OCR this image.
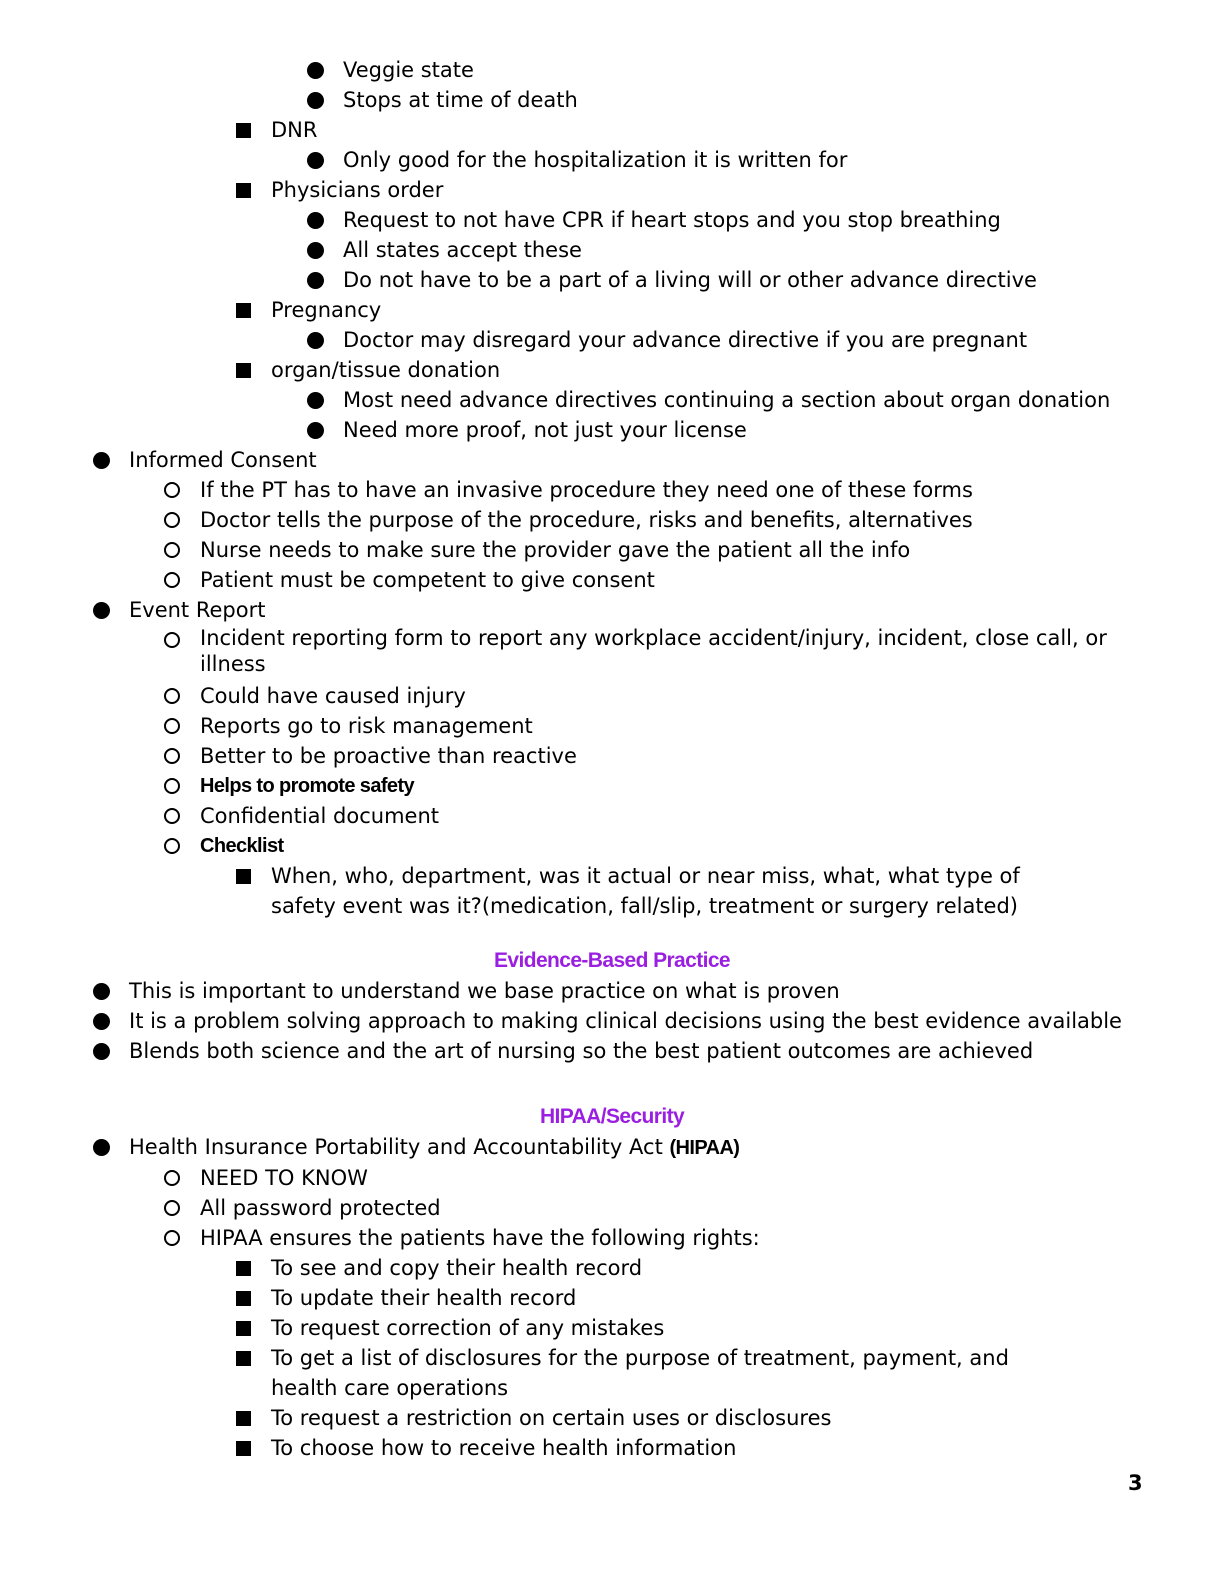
Veggie state
Stops at time of death
DNR
Only good for the hospitalization it is written for
Physicians order
Request to not have CPR if heart stops and you stop breathing
All states accept these
Do not have to be a part of a living will or other advance directive
Pregnancy
Doctor may disregard your advance directive if you are pregnant
organ/tissue donation
Most need advance directives continuing a section about organ donation
Need more proof, not just your license
Informed Consent
If the PT has to have an invasive procedure they need one of these forms
Doctor tells the purpose of the procedure, risks and benefits, alternatives
Nurse needs to make sure the provider gave the patient all the info
Patient must be competent to give consent
Event Report
Incident reporting form to report any workplace accident/injury, incident, close call, or illness
Could have caused injury
Reports go to risk management
Better to be proactive than reactive
Helps to promote safety
Confidential document
Checklist
When, who, department, was it actual or near miss, what, what type of safety event was it?(medication, fall/slip, treatment or surgery related)
Evidence-Based Practice
This is important to understand we base practice on what is proven
It is a problem solving approach to making clinical decisions using the best evidence available
Blends both science and the art of nursing so the best patient outcomes are achieved
HIPAA/Security
Health Insurance Portability and Accountability Act (HIPAA)
NEED TO KNOW
All password protected
HIPAA ensures the patients have the following rights:
To see and copy their health record
To update their health record
To request correction of any mistakes
To get a list of disclosures for the purpose of treatment, payment, and health care operations
To request a restriction on certain uses or disclosures
To choose how to receive health information
3
